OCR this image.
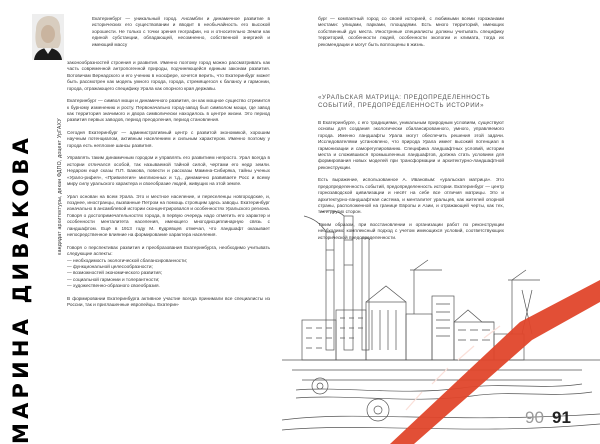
МАРИНА ДИВАКОВА	кандидат архитектуры, декан ФДПО, доцент УрГАХУ

Екатеринбург — уникальный город. Ансамбли и динамичное развитие в исторических его существовании и вводит в необычайность его высокой хорошести. Не только с точки зрения географии, но и относительно Земли как единой субстанции, обладающей, несомненно, собственной энергией и имеющий массу

законообразностей строения и развития. Именно поэтому город можно рассматривать как часть современной антропогенной природы, подчиняющейся единым законам развития. Вотовичам Вернадского и его учению в ноосфере, хочется верить, что Екатеринбург может быть рассмотрен как модель умного города, города, стремящегося к балансу и гармонии, города, отражающего специфику Урала как опорного края державы.

Екатеринбург — символ мощи и динамичного развития, он как мощное существо стремится к бурному изменению и росту. Первоначально город-завод был символом мощи, где завод как территория значимого и двора символически находилось в центре жизни. Это период развития первых заводов, период преодоления, период становления.

Сегодня Екатеринбург — административный центр с развитой экономикой, хорошим научным потенциалом, активным населением и сильным характером. Именно поэтому у города есть неплохие шансы развития.

Управлять таким динамичным городом и управлять его развитием непросто. Урал всегда в истории отличался особой, так называемой тайной силой, чертами его недр земли. Недаром ещё сказы П.П. Бажова, повести и рассказы Мамина-Сибиряка, тайны ученых «Урало-рифея», «Привилегия» миллионных и т.д., динамично развиваете Росс и всему миру силу уральского характера и своеобразие людей, живущих на этой земле.

Урал основан на всем Урала. Это и местное население, и переселенцы новгородские, и, позднее, иностранцы, вызванные Петром на помощь строящим здесь заводы. Екатеринбург изначально в ансамблевой истории сконцентрировался и особенностях Уральского региона. Говоря о достопримечательностях города, в первую очередь надо отметить его характер и особенности менталитета населения, имеющего многодисциплинарную связь с ландшафтом. Ещё в 1913 году М. Кудрявцев отмечал, что ландшафт оказывает непосредственное влияние на формирование характера населения.

Говоря о перспективах развития и преобразования Екатеринбурга, необходимо учитывать следующие аспекты:

— необходимость экологической сбалансированности;
— функциональной целесообразности;
— возможностей экономического развития;
— социальной гармонии и толерантности;
— художественно-образного своеобразия.

В формировании Екатеринбурга активное участие всегда принимали все специалисты из России, так и приглашенные европейцы. Екатерин-

бург — компактный город со своей историей, с любимыми всеми горожанами местами: улицами, парками, площадями. Есть много территорий, имеющих собственный дух места. Инострнные специалисты должны учитывать специфику территорий, особенности людей, особенности экологии и климата, тогда их рекомендации и могут быть воплощены в жизнь.

«УРАЛЬСКАЯ МАТРИЦА: ПРЕДОПРЕДЕЛЕННОСТЬ СОБЫТИЙ, ПРЕДОПРЕДЕЛЕННОСТЬ ИСТОРИИ»

В Екатеринбурге, с его традициями, уникальным природным условиям, существуют основы для создания экологически сбалансированного, умного, управляемого города. Именно ландшафты Урала могут обеспечить решения этой задачи. Исследователями установлено, что природа Урала имеет высокий потенциал в гармонизации и саморегулированию. Специфика ландшафтных условий, истории места и сложившихся промышленных ландшафтов, должна стать условием для формирования новых моделей при трансформации и архитектурно-ландшафтной реконструкции.

Есть выражение, использованное А. Ивановым: «уральская матрица». Это предопределенность событий, предопределенность истории. Екатеринбург — центр горнозаводской цивилизации и несёт на себе все отличия матрицы. Это и архитектурно-ландшафтная система, и менталитет уральцев, как жителей опорной страны, расположенной на границе Европы и Азии, и отражающей черты, как тех, так и других сторон.

Таким образом, при восстановлении и организации работ по реконструкции необходимо комплексный подход с учетом имеющихся условий, соответствующих исторической предопределенности.

90 91
